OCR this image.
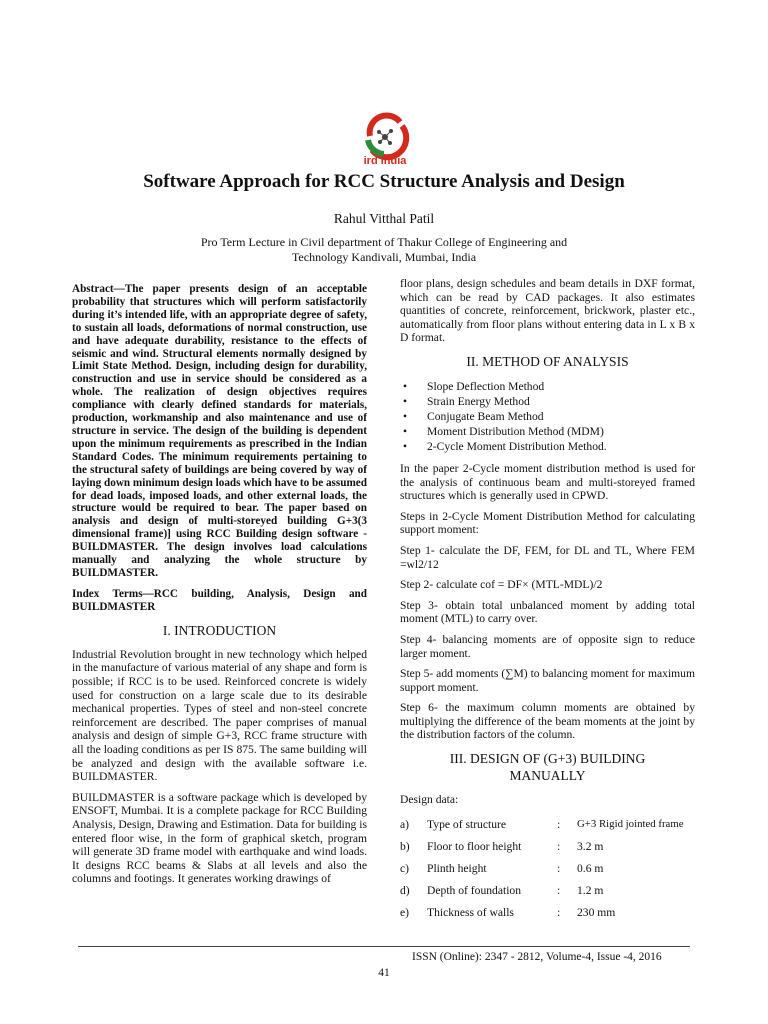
ird india
Software Approach for RCC Structure Analysis and Design
Rahul Vitthal Patil
Pro Term Lecture in Civil department of Thakur College of Engineering and
Technology Kandivali, Mumbai, India

Abstract—The paper presents design of an acceptable probability that structures which will perform satisfactorily during it’s intended life, with an appropriate degree of safety, to sustain all loads, deformations of normal construction, use and have adequate durability, resistance to the effects of seismic and wind. Structural elements normally designed by Limit State Method. Design, including design for durability, construction and use in service should be considered as a whole. The realization of design objectives requires compliance with clearly defined standards for materials, production, workmanship and also maintenance and use of structure in service. The design of the building is dependent upon the minimum requirements as prescribed in the Indian Standard Codes. The minimum requirements pertaining to the structural safety of buildings are being covered by way of laying down minimum design loads which have to be assumed for dead loads, imposed loads, and other external loads, the structure would be required to bear. The paper based on analysis and design of multi-storeyed building G+3(3 dimensional frame)] using RCC Building design software - BUILDMASTER. The design involves load calculations manually and analyzing the whole structure by BUILDMASTER.

Index Terms—RCC building, Analysis, Design and BUILDMASTER

I. INTRODUCTION

Industrial Revolution brought in new technology which helped in the manufacture of various material of any shape and form is possible; if RCC is to be used. Reinforced concrete is widely used for construction on a large scale due to its desirable mechanical properties. Types of steel and non-steel concrete reinforcement are described. The paper comprises of manual analysis and design of simple G+3, RCC frame structure with all the loading conditions as per IS 875. The same building will be analyzed and design with the available software i.e. BUILDMASTER.

BUILDMASTER is a software package which is developed by ENSOFT, Mumbai. It is a complete package for RCC Building Analysis, Design, Drawing and Estimation. Data for building is entered floor wise, in the form of graphical sketch, program will generate 3D frame model with earthquake and wind loads. It designs RCC beams & Slabs at all levels and also the columns and footings. It generates working drawings of

floor plans, design schedules and beam details in DXF format, which can be read by CAD packages. It also estimates quantities of concrete, reinforcement, brickwork, plaster etc., automatically from floor plans without entering data in L x B x D format.

II. METHOD OF ANALYSIS
• Slope Deflection Method
• Strain Energy Method
• Conjugate Beam Method
• Moment Distribution Method (MDM)
• 2-Cycle Moment Distribution Method.

In the paper 2-Cycle moment distribution method is used for the analysis of continuous beam and multi-storeyed framed structures which is generally used in CPWD.

Steps in 2-Cycle Moment Distribution Method for calculating support moment:

Step 1- calculate the DF, FEM, for DL and TL, Where FEM =wl2/12

Step 2- calculate cof = DF× (MTL-MDL)/2

Step 3- obtain total unbalanced moment by adding total moment (MTL) to carry over.

Step 4- balancing moments are of opposite sign to reduce larger moment.

Step 5- add moments (∑M) to balancing moment for maximum support moment.

Step 6- the maximum column moments are obtained by multiplying the difference of the beam moments at the joint by the distribution factors of the column.

III. DESIGN OF (G+3) BUILDING
MANUALLY

Design data:

a)	Type of structure	:	G+3 Rigid jointed frame
b)	Floor to floor height	:	3.2 m
c)	Plinth height	:	0.6 m
d)	Depth of foundation	:	1.2 m
e)	Thickness of walls	:	230 mm
ISSN (Online): 2347 - 2812, Volume-4, Issue -4, 2016
41
